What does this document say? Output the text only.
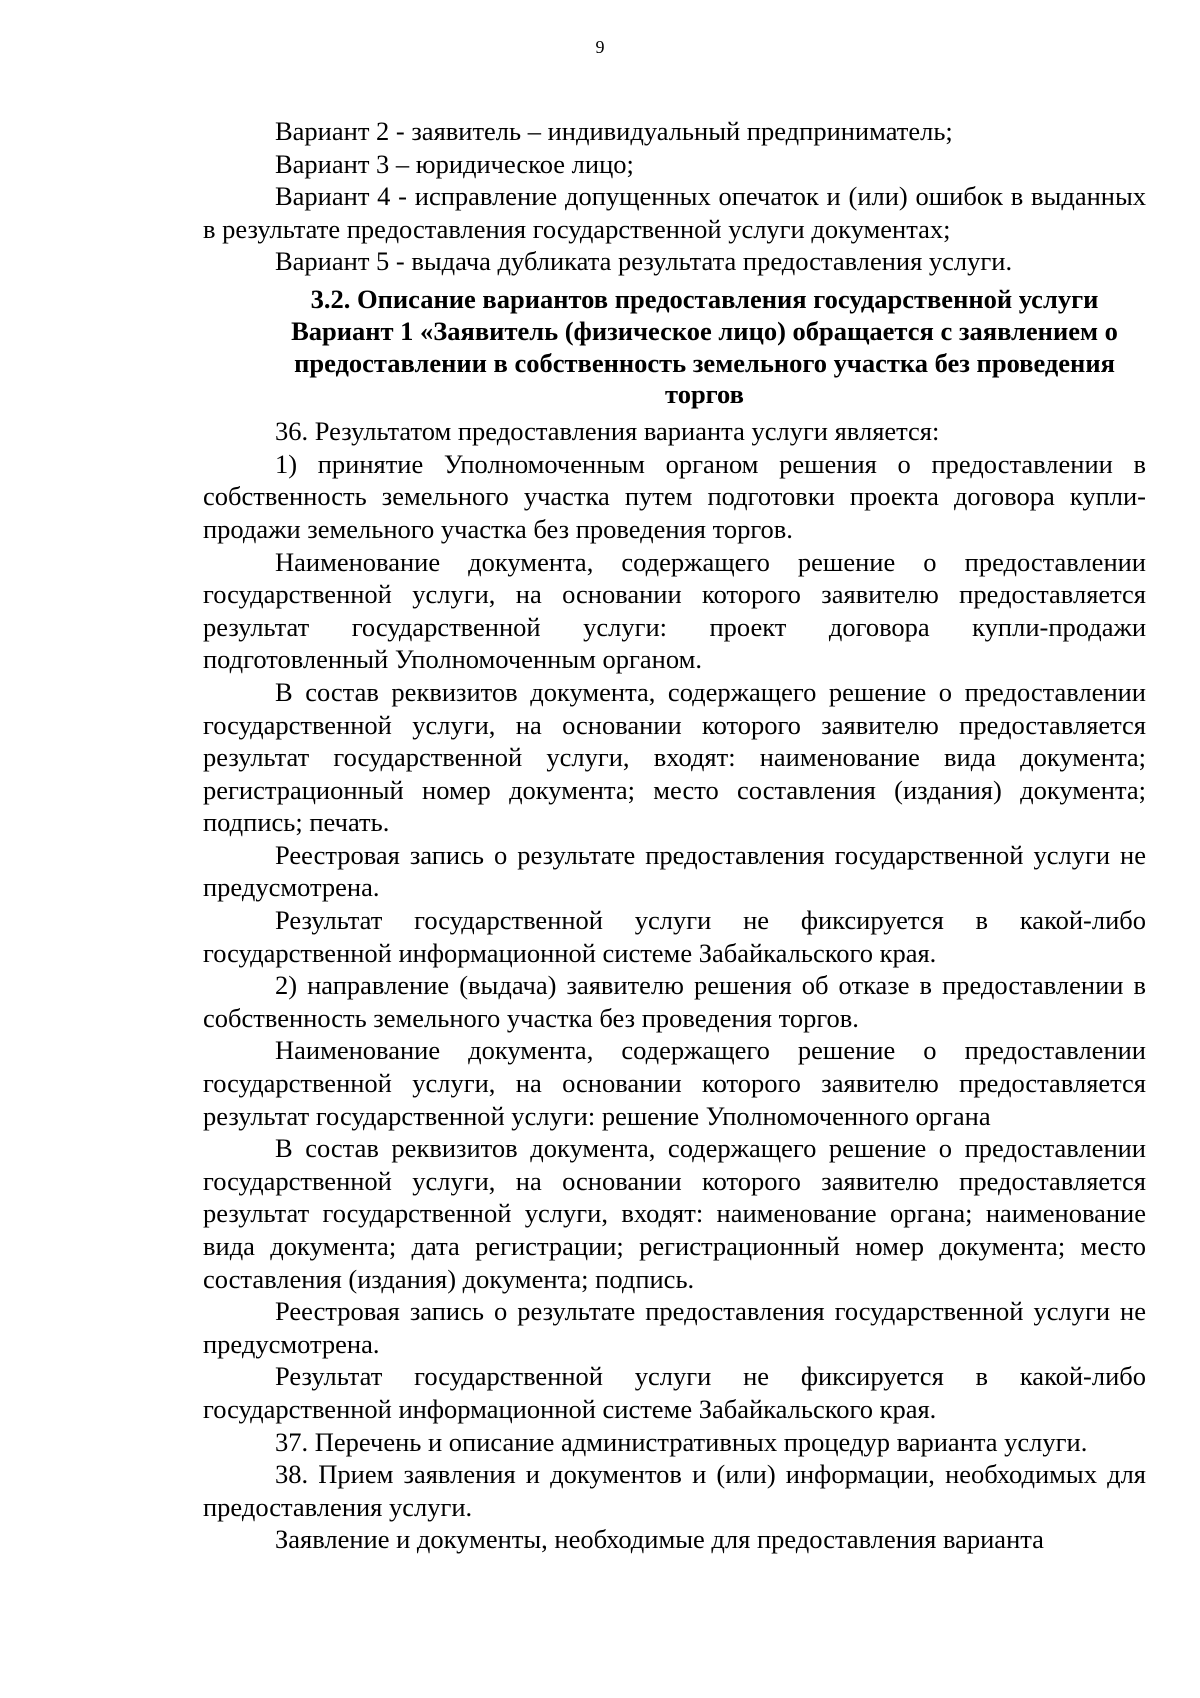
9

Вариант 2 - заявитель – индивидуальный предприниматель;

Вариант 3 – юридическое лицо;

Вариант 4 - исправление допущенных опечаток и (или) ошибок в выданных в результате предоставления государственной услуги документах;

Вариант 5 - выдача дубликата результата предоставления услуги.

3.2. Описание вариантов предоставления государственной услуги
Вариант 1 «Заявитель (физическое лицо) обращается с заявлением о предоставлении в собственность земельного участка без проведения торгов

36. Результатом предоставления варианта услуги является:

1) принятие Уполномоченным органом решения о предоставлении в собственность земельного участка путем подготовки проекта договора купли-продажи земельного участка без проведения торгов.

Наименование документа, содержащего решение о предоставлении государственной услуги, на основании которого заявителю предоставляется результат государственной услуги: проект договора купли-продажи подготовленный Уполномоченным органом.

В состав реквизитов документа, содержащего решение о предоставлении государственной услуги, на основании которого заявителю предоставляется результат государственной услуги, входят: наименование вида документа; регистрационный номер документа; место составления (издания) документа; подпись; печать.

Реестровая запись о результате предоставления государственной услуги не предусмотрена.

Результат государственной услуги не фиксируется в какой-либо государственной информационной системе Забайкальского края.

2) направление (выдача) заявителю решения об отказе в предоставлении в собственность земельного участка без проведения торгов.

Наименование документа, содержащего решение о предоставлении государственной услуги, на основании которого заявителю предоставляется результат государственной услуги: решение Уполномоченного органа

В состав реквизитов документа, содержащего решение о предоставлении государственной услуги, на основании которого заявителю предоставляется результат государственной услуги, входят: наименование органа; наименование вида документа; дата регистрации; регистрационный номер документа; место составления (издания) документа; подпись.

Реестровая запись о результате предоставления государственной услуги не предусмотрена.

Результат государственной услуги не фиксируется в какой-либо государственной информационной системе Забайкальского края.

37. Перечень и описание административных процедур варианта услуги.

38. Прием заявления и документов и (или) информации, необходимых для предоставления услуги.

Заявление и документы, необходимые для предоставления варианта
